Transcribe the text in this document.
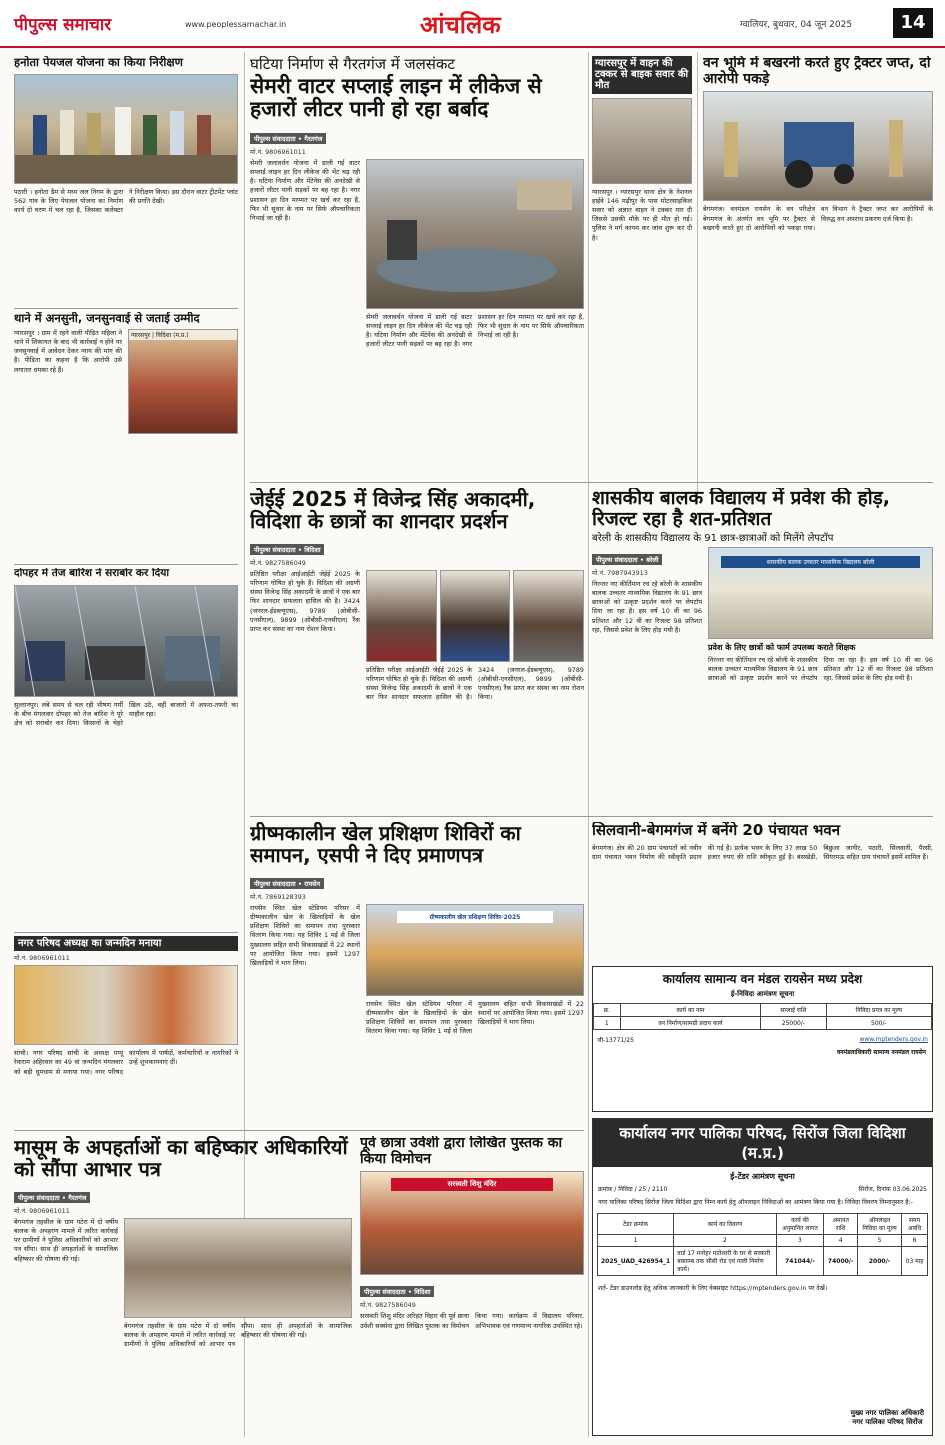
पीपुल्स समाचार	www.peoplessamachar.in	आंचलिक	ग्वालियर, बुधवार, 04 जून 2025	14
हनोता पेयजल योजना का किया निरीक्षण
पठारी । हनोता डैम से मध्य जल निगम के द्वारा 562 गांव के लिए पेयजल योजना का निर्माण कार्य दो चरण में चल रहा है, जिसका कलेक्टर ने निरीक्षण किया। इस दौरान वाटर ट्रीटमेंट प्लांट की प्रगति देखी।
थाने में अनसुनी, जनसुनवाई से जताई उम्मीद
ग्यारसपुर । ग्राम में रहने वाली पीड़ित महिला ने थाने में शिकायत के बाद भी कार्रवाई न होने पर जनसुनवाई में आवेदन देकर न्याय की मांग की है। पीड़िता का कहना है कि आरोपी उसे लगातार धमका रहे हैं।
ग्यारसपुर | विदिशा (म.प्र.)
दोपहर में तेज बारिश ने सराबोर कर दिया
सुल्तानपुर। लंबे समय से चल रही भीषण गर्मी के बीच मंगलवार दोपहर को तेज बारिश ने पूरे क्षेत्र को सराबोर कर दिया। किसानों के चेहरे खिल उठे, वहीं बाजारों में अफरा-तफरी का माहौल रहा।
नगर परिषद अध्यक्ष का जन्मदिन मनाया
मो.नं. 9806961011
सांची। नगर परिषद सांची के अध्यक्ष पप्पू रेवाराम अहिरवार का 49 वां जन्मदिन मंगलवार को बड़ी धूमधाम से मनाया गया। नगर परिषद कार्यालय में पार्षदों, कर्मचारियों व नागरिकों ने उन्हें शुभकामनाएं दीं।
घटिया निर्माण से गैरतगंज में जलसंकट
सेमरी वाटर सप्लाई लाइन में लीकेज से हजारों लीटर पानी हो रहा बर्बाद
पीपुल्स संवाददाता • गैरतगंज
मो.नं. 9806961011
सेमरी जलावर्धन योजना में डाली गई वाटर सप्लाई लाइन हर दिन लीकेज की भेंट चढ़ रही है। घटिया निर्माण और मेंटेनेंस की अनदेखी से हजारों लीटर पानी सड़कों पर बह रहा है। नगर प्रशासन हर दिन मरम्मत पर खर्च कर रहा है, फिर भी सुधार के नाम पर सिर्फ औपचारिकता निभाई जा रही है।
सेमरी जलावर्धन योजना में डाली गई वाटर सप्लाई लाइन हर दिन लीकेज की भेंट चढ़ रही है। घटिया निर्माण और मेंटेनेंस की अनदेखी से हजारों लीटर पानी सड़कों पर बह रहा है। नगर प्रशासन हर दिन मरम्मत पर खर्च कर रहा है, फिर भी सुधार के नाम पर सिर्फ औपचारिकता निभाई जा रही है।
ग्यारसपुर में वाहन की टक्कर से बाइक सवार की मौत
ग्यारसपुर । ग्यारसपुर थाना क्षेत्र के नेशनल हाईवे 146 मढ़ीपुर के पास मोटरसाइकिल सवार को अज्ञात वाहन ने टक्कर मार दी जिससे उसकी मौके पर ही मौत हो गई। पुलिस ने मर्ग कायम कर जांच शुरू कर दी है।
वन भूमि में बखरनी करते हुए ट्रैक्टर जप्त, दो आरोपी पकड़े
बेगमगंज। वनमंडल रायसेन के वन परिक्षेत्र बेगमगंज के अंतर्गत वन भूमि पर ट्रैक्टर से बखरनी करते हुए दो आरोपियों को पकड़ा गया। वन विभाग ने ट्रैक्टर जप्त कर आरोपियों के विरुद्ध वन अपराध प्रकरण दर्ज किया है।
जेईई 2025 में विजेन्द्र सिंह अकादमी, विदिशा के छात्रों का शानदार प्रदर्शन
पीपुल्स संवाददाता • विदिशा
मो.नं. 9827586049
प्रतिष्ठित परीक्षा आईआईटी जेईई 2025 के परिणाम घोषित हो चुके हैं। विदिशा की अग्रणी संस्था विजेन्द्र सिंह अकादमी के छात्रों ने एक बार फिर शानदार सफलता हासिल की है। 3424 (जनरल-ईडब्ल्यूएस), 9789 (ओबीसी-एनसीएल), 9899 (ओबीसी-एनसीएल) रैंक प्राप्त कर संस्था का नाम रोशन किया।
प्रतिष्ठित परीक्षा आईआईटी जेईई 2025 के परिणाम घोषित हो चुके हैं। विदिशा की अग्रणी संस्था विजेन्द्र सिंह अकादमी के छात्रों ने एक बार फिर शानदार सफलता हासिल की है। 3424 (जनरल-ईडब्ल्यूएस), 9789 (ओबीसी-एनसीएल), 9899 (ओबीसी-एनसीएल) रैंक प्राप्त कर संस्था का नाम रोशन किया।
शासकीय बालक विद्यालय में प्रवेश की होड़, रिजल्ट रहा है शत-प्रतिशत
बरेली के शासकीय विद्यालय के 91 छात्र-छात्राओं को मिलेंगे लेपटॉप
पीपुल्स संवाददाता • बरेली
मो.नं. 7987943913
निरन्तर नए कीर्तिमान रच रहे बरेली के शासकीय बालक उच्चतर माध्यमिक विद्यालय के 91 छात्र छात्राओं को उत्कृष्ट प्रदर्शन करने पर लेपटॉप दिया जा रहा है। इस वर्ष 10 वीं का 96 प्रतिशत और 12 वीं का रिजल्ट 98 प्रतिशत रहा, जिससे प्रवेश के लिए होड़ मची है।
शासकीय बालक उच्चतर माध्यमिक विद्यालय बरेली
प्रवेश के लिए छात्रों को फार्म उपलब्ध कराते शिक्षक
निरन्तर नए कीर्तिमान रच रहे बरेली के शासकीय बालक उच्चतर माध्यमिक विद्यालय के 91 छात्र छात्राओं को उत्कृष्ट प्रदर्शन करने पर लेपटॉप दिया जा रहा है। इस वर्ष 10 वीं का 96 प्रतिशत और 12 वीं का रिजल्ट 98 प्रतिशत रहा, जिससे प्रवेश के लिए होड़ मची है।
ग्रीष्मकालीन खेल प्रशिक्षण शिविरों का समापन, एसपी ने दिए प्रमाणपत्र
पीपुल्स संवाददाता • रायसेन
मो.नं. 7869128393
रायसेन स्थित खेल स्टेडियम परिसर में ग्रीष्मकालीन खेल के खिलाड़ियों के खेल प्रशिक्षण शिविरों का समापन तथा पुरस्कार वितरण किया गया। यह शिविर 1 मई से जिला मुख्यालय सहित सभी विकासखंडों में 22 स्थानों पर आयोजित किया गया। इसमें 1297 खिलाड़ियों ने भाग लिया।
ग्रीष्मकालीन खेल प्रशिक्षण शिविर-2025
रायसेन स्थित खेल स्टेडियम परिसर में ग्रीष्मकालीन खेल के खिलाड़ियों के खेल प्रशिक्षण शिविरों का समापन तथा पुरस्कार वितरण किया गया। यह शिविर 1 मई से जिला मुख्यालय सहित सभी विकासखंडों में 22 स्थानों पर आयोजित किया गया। इसमें 1297 खिलाड़ियों ने भाग लिया।
सिलवानी-बेगमगंज में बनेंगे 20 पंचायत भवन
बेगमगंज। क्षेत्र की 20 ग्राम पंचायतों को नवीन ग्राम पंचायत भवन निर्माण की स्वीकृति प्रदान की गई है। प्रत्येक भवन के लिए 37 लाख 50 हजार रुपए की राशि स्वीकृत हुई है। बंसखेड़ी, बिछुआ जागीर, पठारी, सिलवानी, पैरसी, सियरमऊ सहित ग्राम पंचायतें इसमें शामिल हैं।
कार्यालय सामान्य वन मंडल रायसेन मध्य प्रदेश
ई-निविदा आमंत्रण सूचना
क्र.	कार्य का नाम	सप्लाई राशि	निविदा प्रपत्र का मूल्य
1	वन निर्माण/सामग्री प्रदाय कार्य	25000/-	500/-
जी-13771/25	www.mptenders.gov.in
वनमंडलाधिकारी सामान्य वनमंडल रायसेन
मासूम के अपहर्ताओं का बहिष्कार अधिकारियों को सौंपा आभार पत्र
पीपुल्स संवाददाता • गैरतगंज
मो.नं. 9806961011
बेगमगंज तहसील के ग्राम पटेरा में दो वर्षीय बालक के अपहरण मामले में त्वरित कार्रवाई पर ग्रामीणों ने पुलिस अधिकारियों को आभार पत्र सौंपा। साथ ही अपहर्ताओं के सामाजिक बहिष्कार की घोषणा की गई।
बेगमगंज तहसील के ग्राम पटेरा में दो वर्षीय बालक के अपहरण मामले में त्वरित कार्रवाई पर ग्रामीणों ने पुलिस अधिकारियों को आभार पत्र सौंपा। साथ ही अपहर्ताओं के सामाजिक बहिष्कार की घोषणा की गई।
पूर्व छात्रा उर्वशी द्वारा लिखित पुस्तक का किया विमोचन
सरस्वती शिशु मंदिर
पीपुल्स संवाददाता • विदिशा
मो.नं. 9827586049
सरस्वती शिशु मंदिर अरिहंत विहार की पूर्व छात्रा उर्वशी सक्सेना द्वारा लिखित पुस्तक का विमोचन किया गया। कार्यक्रम में विद्यालय परिवार, अभिभावक एवं गणमान्य नागरिक उपस्थित रहे।
कार्यालय नगर पालिका परिषद, सिरोंज जिला विदिशा (म.प्र.)
ई-टेंडर आमंत्रण सूचना
क्रमांक / निविदा / 25 / 2110	सिरोंज, दिनांक 03.06.2025
नगर पालिका परिषद सिरोंज जिला विदिशा द्वारा निम्न कार्य हेतु ऑनलाइन निविदाओं का आमंत्रण किया गया है। निविदा विवरण निम्नानुसार है:-
टेंडर क्रमांक	कार्य का विवरण	कार्य की अनुमानित लागत	अमानत राशि	ऑनलाइन निविदा का मूल्य	समय अवधि
1	2	3	4	5	6
2025_UAD_426954_1	वार्ड 17 मनोहर मातेश्वरी के घर से सरकारी बक्ताम्ब तक सीसी रोड एवं नाली निर्माण कार्य।	741044/-	74000/-	2000/-	03 माह
शर्त- टेंडर डाउनलोड हेतु अधिक जानकारी के लिए वेबसाइट https://mptenders.gov.in पर देखें।
मुख्य नगर पालिका अधिकारी
नगर पालिका परिषद सिरोंज
